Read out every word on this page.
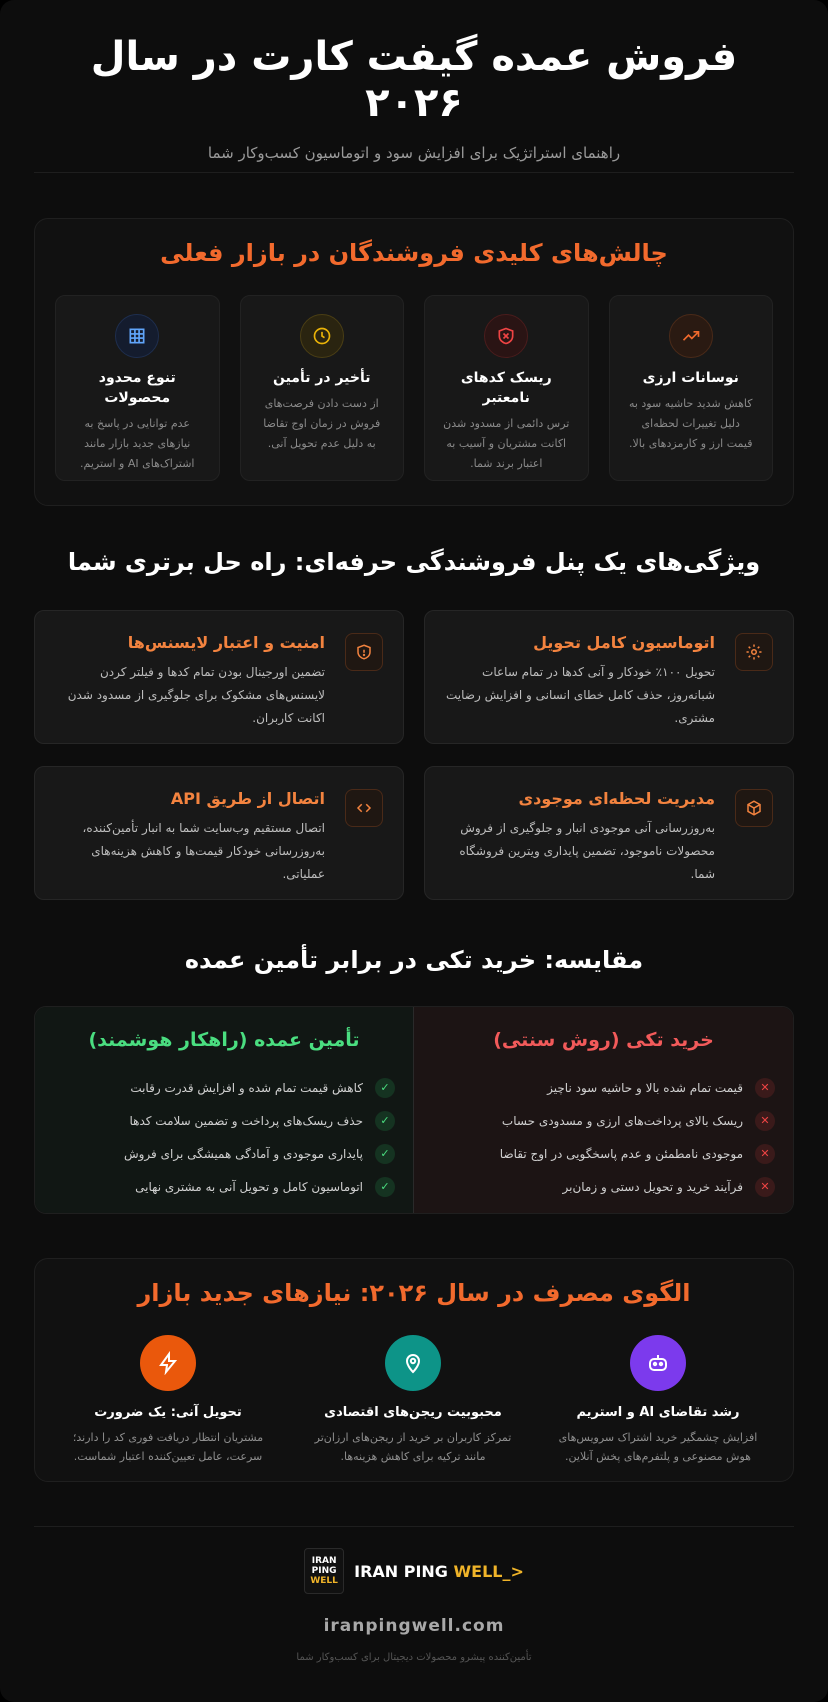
فروش عمده گیفت کارت در سال ۲۰۲۶
راهنمای استراتژیک برای افزایش سود و اتوماسیون کسب‌وکار شما
چالش‌های کلیدی فروشندگان در بازار فعلی
نوسانات ارزی

کاهش شدید حاشیه سود به دلیل تغییرات لحظه‌ای قیمت ارز و کارمزدهای بالا.

ریسک کدهای نامعتبر

ترس دائمی از مسدود شدن اکانت مشتریان و آسیب به اعتبار برند شما.

تأخیر در تأمین

از دست دادن فرصت‌های فروش در زمان اوج تقاضا به دلیل عدم تحویل آنی.

تنوع محدود محصولات

عدم توانایی در پاسخ به نیازهای جدید بازار مانند اشتراک‌های AI و استریم.

ویژگی‌های یک پنل فروشندگی حرفه‌ای: راه حل برتری شما
اتوماسیون کامل تحویل

تحویل ۱۰۰٪ خودکار و آنی کدها در تمام ساعات شبانه‌روز، حذف کامل خطای انسانی و افزایش رضایت مشتری.

امنیت و اعتبار لایسنس‌ها

تضمین اورجینال بودن تمام کدها و فیلتر کردن لایسنس‌های مشکوک برای جلوگیری از مسدود شدن اکانت کاربران.

مدیریت لحظه‌ای موجودی

به‌روزرسانی آنی موجودی انبار و جلوگیری از فروش محصولات ناموجود، تضمین پایداری ویترین فروشگاه شما.

اتصال از طریق API

اتصال مستقیم وب‌سایت شما به انبار تأمین‌کننده، به‌روزرسانی خودکار قیمت‌ها و کاهش هزینه‌های عملیاتی.

مقایسه: خرید تکی در برابر تأمین عمده
خرید تکی (روش سنتی)
✕
قیمت تمام شده بالا و حاشیه سود ناچیز
✕
ریسک بالای پرداخت‌های ارزی و مسدودی حساب
✕
موجودی نامطمئن و عدم پاسخگویی در اوج تقاضا
✕
فرآیند خرید و تحویل دستی و زمان‌بر
تأمین عمده (راهکار هوشمند)
✓
کاهش قیمت تمام شده و افزایش قدرت رقابت
✓
حذف ریسک‌های پرداخت و تضمین سلامت کدها
✓
پایداری موجودی و آمادگی همیشگی برای فروش
✓
اتوماسیون کامل و تحویل آنی به مشتری نهایی
الگوی مصرف در سال ۲۰۲۶: نیازهای جدید بازار
رشد تقاضای AI و استریم

افزایش چشمگیر خرید اشتراک سرویس‌های هوش مصنوعی و پلتفرم‌های پخش آنلاین.

محبوبیت ریجن‌های اقتصادی

تمرکز کاربران بر خرید از ریجن‌های ارزان‌تر مانند ترکیه برای کاهش هزینه‌ها.

تحویل آنی: یک ضرورت

مشتریان انتظار دریافت فوری کد را دارند؛ سرعت، عامل تعیین‌کننده اعتبار شماست.

IRAN
PING
WELL
IRAN PING WELL_>
iranpingwell.com
تأمین‌کننده پیشرو محصولات دیجیتال برای کسب‌وکار شما
